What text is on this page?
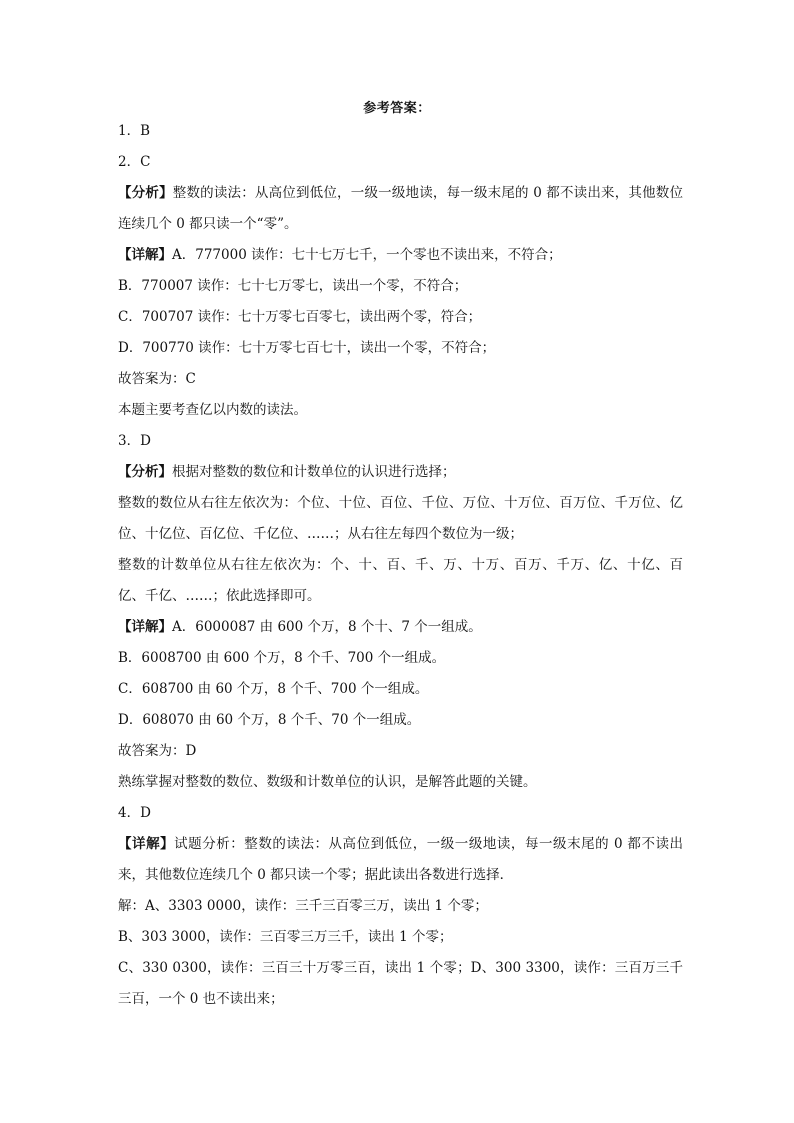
参考答案：
1．B
2．C
【分析】整数的读法：从高位到低位，一级一级地读，每一级末尾的 0 都不读出来，其他数位连续几个 0 都只读一个“零”。
【详解】A．777000 读作：七十七万七千，一个零也不读出来，不符合；
B．770007 读作：七十七万零七，读出一个零，不符合；
C．700707 读作：七十万零七百零七，读出两个零，符合；
D．700770 读作：七十万零七百七十，读出一个零，不符合；
故答案为：C
本题主要考查亿以内数的读法。
3．D
【分析】根据对整数的数位和计数单位的认识进行选择；
整数的数位从右往左依次为：个位、十位、百位、千位、万位、十万位、百万位、千万位、亿位、十亿位、百亿位、千亿位、……；从右往左每四个数位为一级；
整数的计数单位从右往左依次为：个、十、百、千、万、十万、百万、千万、亿、十亿、百亿、千亿、……；依此选择即可。
【详解】A．6000087 由 600 个万，8 个十、7 个一组成。
B．6008700 由 600 个万，8 个千、700 个一组成。
C．608700 由 60 个万，8 个千、700 个一组成。
D．608070 由 60 个万，8 个千、70 个一组成。
故答案为：D
熟练掌握对整数的数位、数级和计数单位的认识，是解答此题的关键。
4．D
【详解】试题分析：整数的读法：从高位到低位，一级一级地读，每一级末尾的 0 都不读出来，其他数位连续几个 0 都只读一个零；据此读出各数进行选择．
解：A、3303 0000，读作：三千三百零三万，读出 1 个零；
B、303 3000，读作：三百零三万三千，读出 1 个零；
C、330 0300，读作：三百三十万零三百，读出 1 个零；D、300 3300，读作：三百万三千三百，一个 0 也不读出来；
